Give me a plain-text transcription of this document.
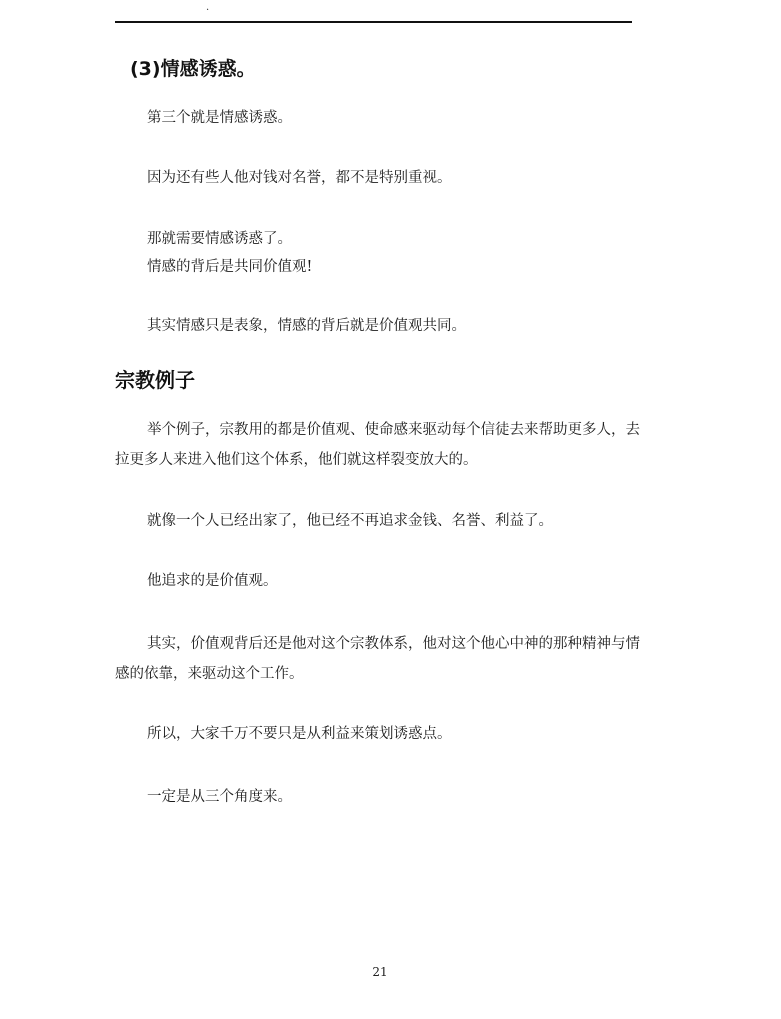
.
(3)情感诱惑。
第三个就是情感诱惑。
因为还有些人他对钱对名誉，都不是特别重视。
那就需要情感诱惑了。
情感的背后是共同价值观!
其实情感只是表象，情感的背后就是价值观共同。
宗教例子
举个例子，宗教用的都是价值观、使命感来驱动每个信徒去来帮助更多人，去拉更多人来进入他们这个体系，他们就这样裂变放大的。
就像一个人已经出家了，他已经不再追求金钱、名誉、利益了。
他追求的是价值观。
其实，价值观背后还是他对这个宗教体系，他对这个他心中神的那种精神与情感的依靠，来驱动这个工作。
所以，大家千万不要只是从利益来策划诱惑点。
一定是从三个角度来。
21
